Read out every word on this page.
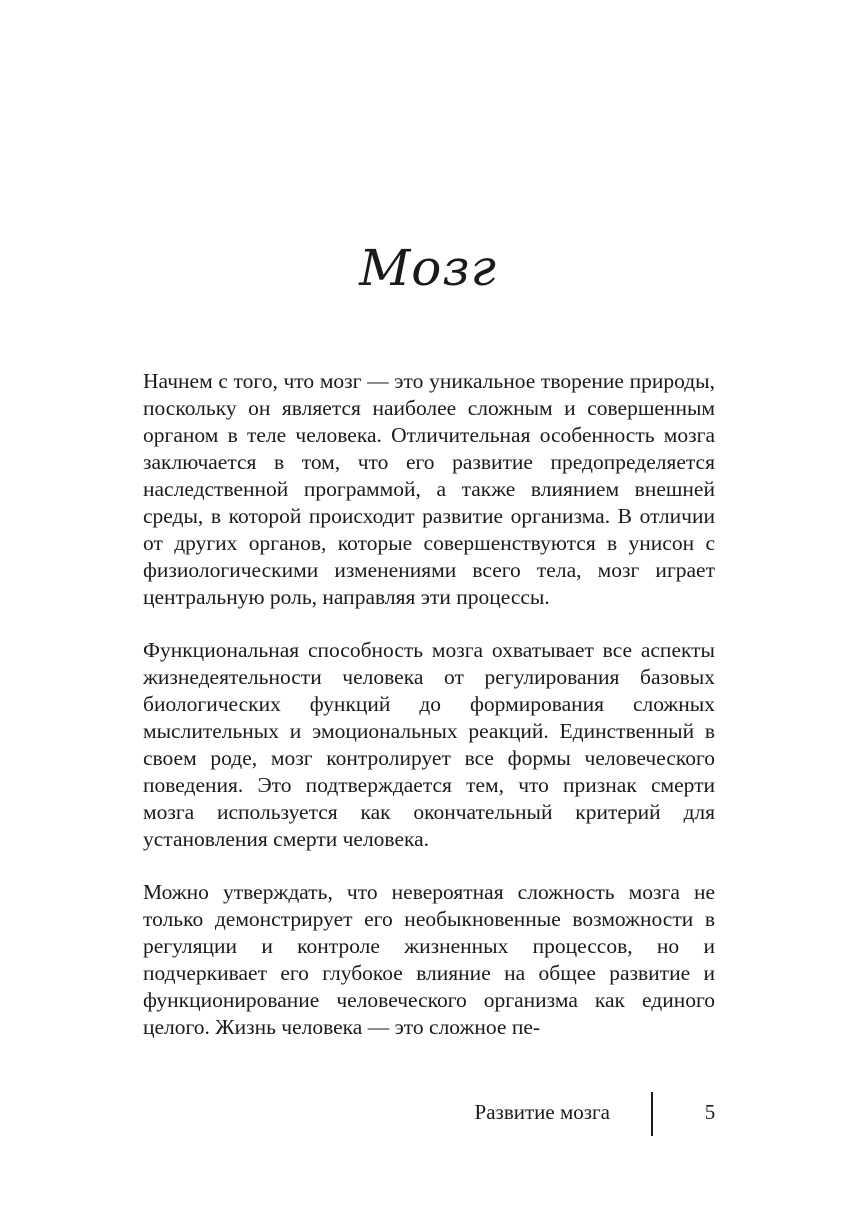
Мозг

Начнем с того, что мозг — это уникальное творение природы, поскольку он является наиболее сложным и совершенным органом в теле человека. Отличительная особенность мозга заключается в том, что его развитие предопределяется наследственной программой, а также влиянием внешней среды, в которой происходит развитие организма. В отличии от других органов, которые совершенствуются в унисон с физиологическими изменениями всего тела, мозг играет центральную роль, направляя эти процессы.

Функциональная способность мозга охватывает все аспекты жизнедеятельности человека от регулирования базовых биологических функций до формирования сложных мыслительных и эмоциональных реакций. Единственный в своем роде, мозг контролирует все формы человеческого поведения. Это подтверждается тем, что признак смерти мозга используется как окончательный критерий для установления смерти человека.

Можно утверждать, что невероятная сложность мозга не только демонстрирует его необыкновенные возможности в регуляции и контроле жизненных процессов, но и подчеркивает его глубокое влияние на общее развитие и функционирование человеческого организма как единого целого. Жизнь человека — это сложное пе-

Развитие мозга	5
